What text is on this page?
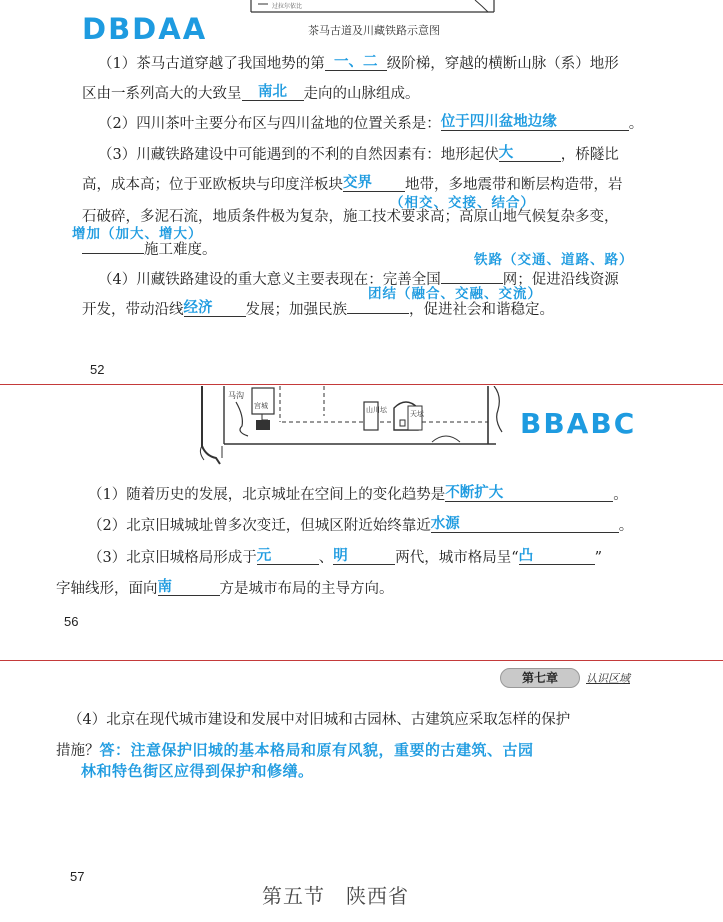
过拉尔依比
茶马古道及川藏铁路示意图
DBDAA
（1）茶马古道穿越了我国地势的第 一、二 级阶梯，穿越的横断山脉（系）地形
区由一系列高大的大致呈 南北 走向的山脉组成。
（2）四川茶叶主要分布区与四川盆地的位置关系是：位于四川盆地边缘	。
（3）川藏铁路建设中可能遇到的不利的自然因素有：地形起伏大	，桥隧比
高，成本高；位于亚欧板块与印度洋板块交界 地带，多地震带和断层构造带，岩
（相交、交接、结合）
石破碎，多泥石流，地质条件极为复杂，施工技术要求高；高原山地气候复杂多变，
增加（加大、增大）
施工难度。
铁路（交通、道路、路）
（4）川藏铁路建设的重大意义主要表现在：完善全国	网；促进沿线资源
团结（融合、交融、交流）
开发，带动沿线经济 发展；加强民族	，促进社会和谐稳定。
52
马沟
宫城	山川坛	天坛	BBABC
（1）随着历史的发展，北京城址在空间上的变化趋势是不断扩大	。
（2）北京旧城城址曾多次变迁，但城区附近始终靠近水源	。
（3）北京旧城格局形成于元	、明	两代，城市格局呈“凸	”
字轴线形，面向南	方是城市布局的主导方向。
56
第七章	认识区域
（4）北京在现代城市建设和发展中对旧城和古园林、古建筑应采取怎样的保护
措施？答：注意保护旧城的基本格局和原有风貌，重要的古建筑、古园
林和特色街区应得到保护和修缮。
57
第五节　陕西省
